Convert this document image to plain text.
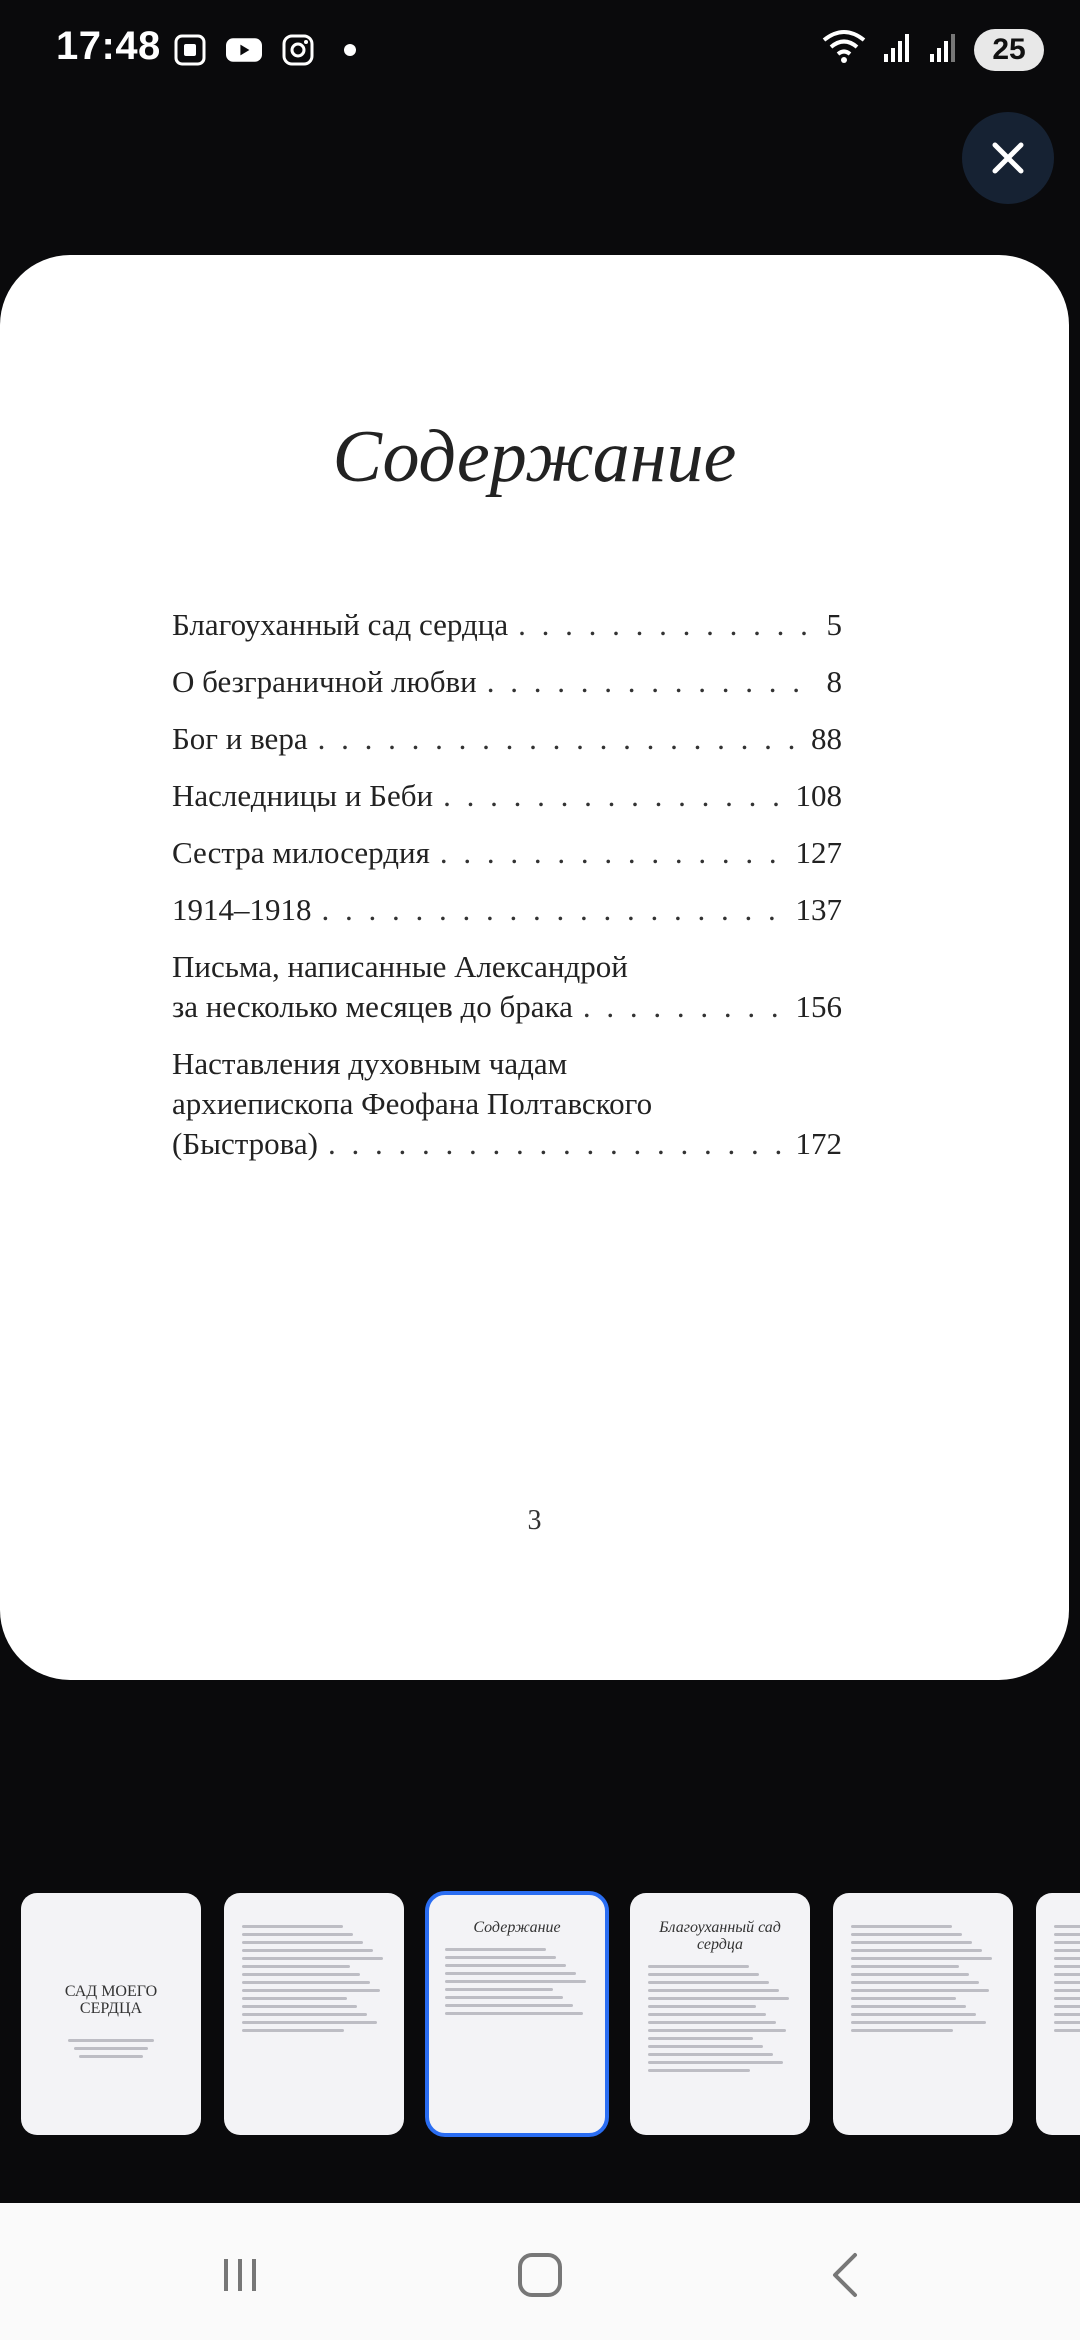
17:48	25
Содержание
Благоуханный сад сердца . . .	5
О безграничной любви . . .	8
Бог и вера . . .	88
Наследницы и Беби . . .	108
Сестра милосердия . . .	127
1914–1918 . . .	137
Письма, написанные Александрой
за несколько месяцев до брака . . .	156
Наставления духовным чадам
архиепископа Феофана Полтавского
(Быстрова) . . .	172
3
САД МОЕГО
СЕРДЦА
Содержание	Благоуханный сад
сердца
